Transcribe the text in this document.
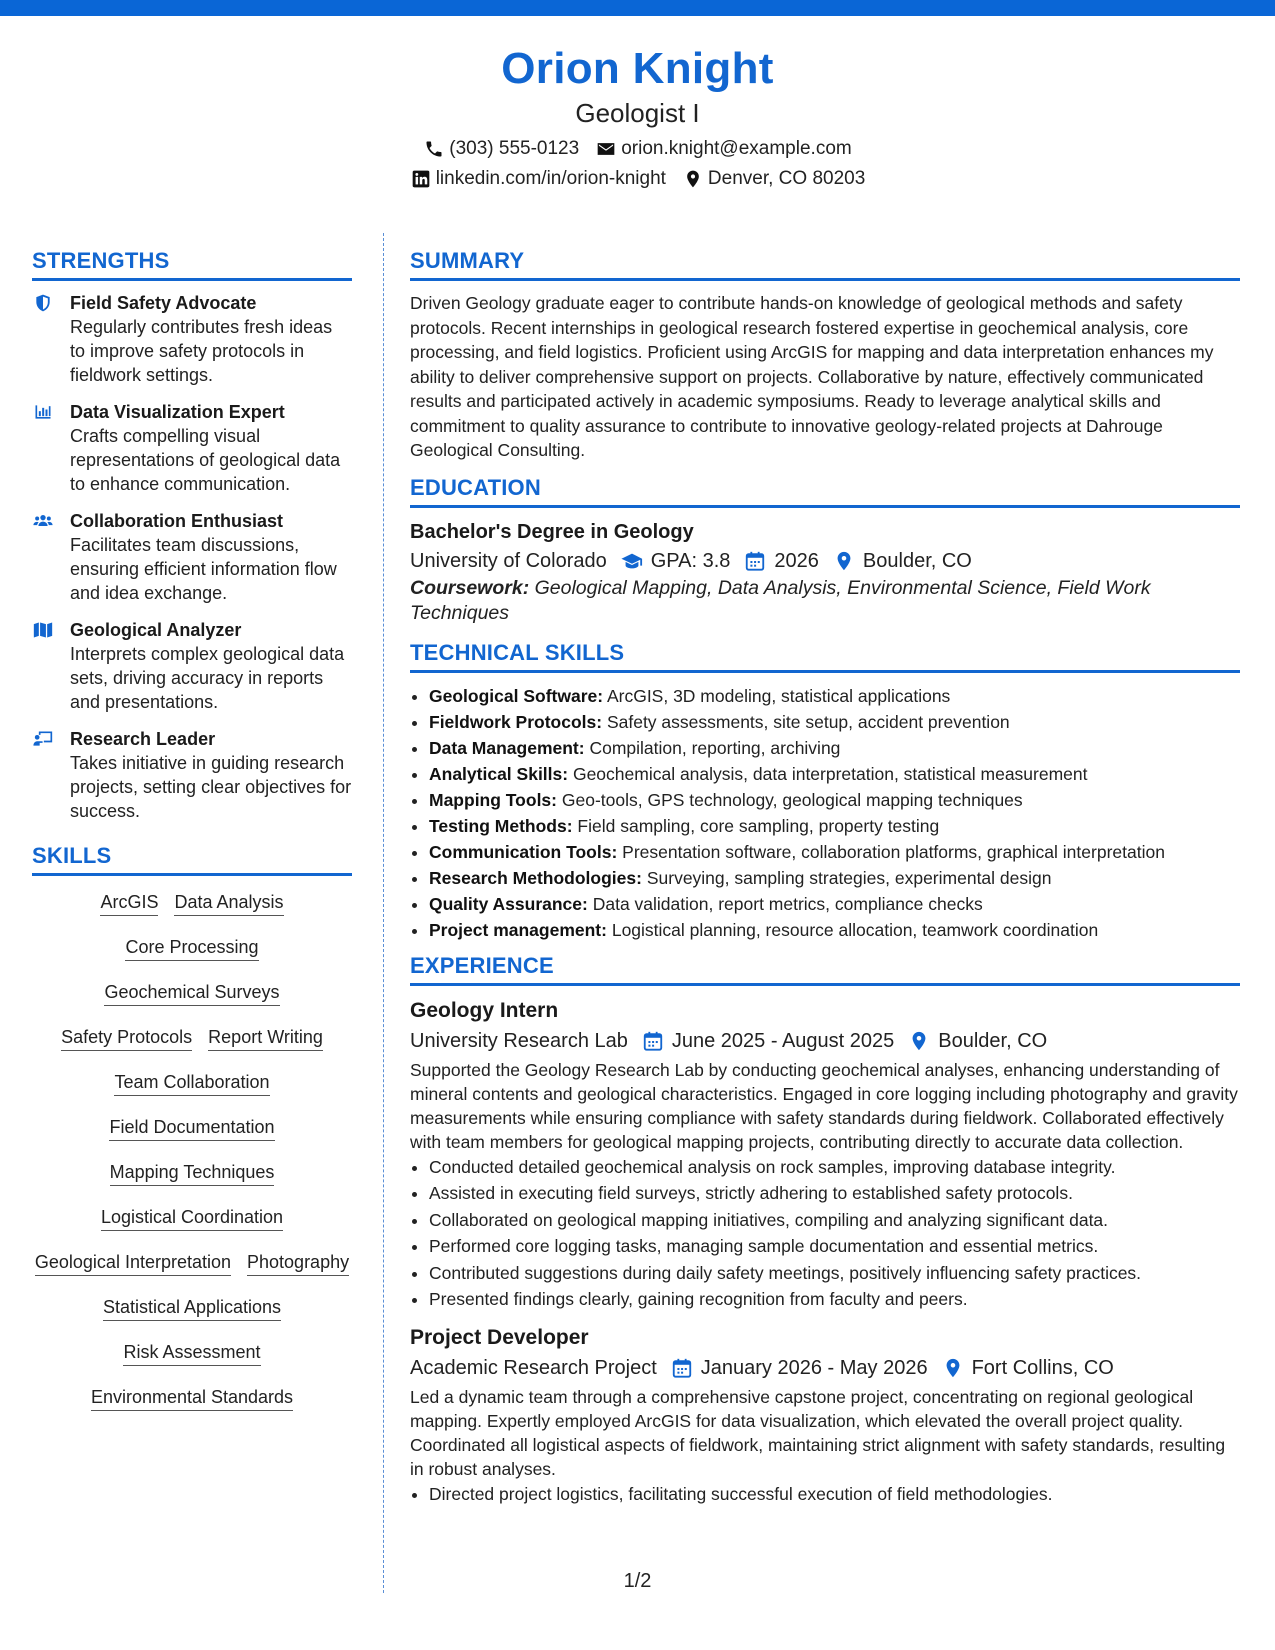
Orion Knight
Geologist I
(303) 555-0123 orion.knight@example.com
linkedin.com/in/orion-knight Denver, CO 80203
STRENGTHS
Field Safety Advocate
Regularly contributes fresh ideas to improve safety protocols in fieldwork settings.
Data Visualization Expert
Crafts compelling visual representations of geological data to enhance communication.
Collaboration Enthusiast
Facilitates team discussions, ensuring efficient information flow and idea exchange.
Geological Analyzer
Interprets complex geological data sets, driving accuracy in reports and presentations.
Research Leader
Takes initiative in guiding research projects, setting clear objectives for success.
SKILLS
ArcGIS Data Analysis
Core Processing
Geochemical Surveys
Safety Protocols Report Writing
Team Collaboration
Field Documentation
Mapping Techniques
Logistical Coordination
Geological Interpretation Photography
Statistical Applications
Risk Assessment
Environmental Standards
SUMMARY
Driven Geology graduate eager to contribute hands-on knowledge of geological methods and safety protocols. Recent internships in geological research fostered expertise in geochemical analysis, core processing, and field logistics. Proficient using ArcGIS for mapping and data interpretation enhances my ability to deliver comprehensive support on projects. Collaborative by nature, effectively communicated results and participated actively in academic symposiums. Ready to leverage analytical skills and commitment to quality assurance to contribute to innovative geology-related projects at Dahrouge Geological Consulting.
EDUCATION
Bachelor's Degree in Geology
University of Colorado GPA: 3.8 2026 Boulder, CO
Coursework: Geological Mapping, Data Analysis, Environmental Science, Field Work Techniques
TECHNICAL SKILLS
• Geological Software: ArcGIS, 3D modeling, statistical applications
• Fieldwork Protocols: Safety assessments, site setup, accident prevention
• Data Management: Compilation, reporting, archiving
• Analytical Skills: Geochemical analysis, data interpretation, statistical measurement
• Mapping Tools: Geo-tools, GPS technology, geological mapping techniques
• Testing Methods: Field sampling, core sampling, property testing
• Communication Tools: Presentation software, collaboration platforms, graphical interpretation
• Research Methodologies: Surveying, sampling strategies, experimental design
• Quality Assurance: Data validation, report metrics, compliance checks
• Project management: Logistical planning, resource allocation, teamwork coordination
EXPERIENCE
Geology Intern
University Research Lab June 2025 - August 2025 Boulder, CO
Supported the Geology Research Lab by conducting geochemical analyses, enhancing understanding of mineral contents and geological characteristics. Engaged in core logging including photography and gravity measurements while ensuring compliance with safety standards during fieldwork. Collaborated effectively with team members for geological mapping projects, contributing directly to accurate data collection.
• Conducted detailed geochemical analysis on rock samples, improving database integrity.
• Assisted in executing field surveys, strictly adhering to established safety protocols.
• Collaborated on geological mapping initiatives, compiling and analyzing significant data.
• Performed core logging tasks, managing sample documentation and essential metrics.
• Contributed suggestions during daily safety meetings, positively influencing safety practices.
• Presented findings clearly, gaining recognition from faculty and peers.
Project Developer
Academic Research Project January 2026 - May 2026 Fort Collins, CO
Led a dynamic team through a comprehensive capstone project, concentrating on regional geological mapping. Expertly employed ArcGIS for data visualization, which elevated the overall project quality. Coordinated all logistical aspects of fieldwork, maintaining strict alignment with safety standards, resulting in robust analyses.
• Directed project logistics, facilitating successful execution of field methodologies.
1/2
